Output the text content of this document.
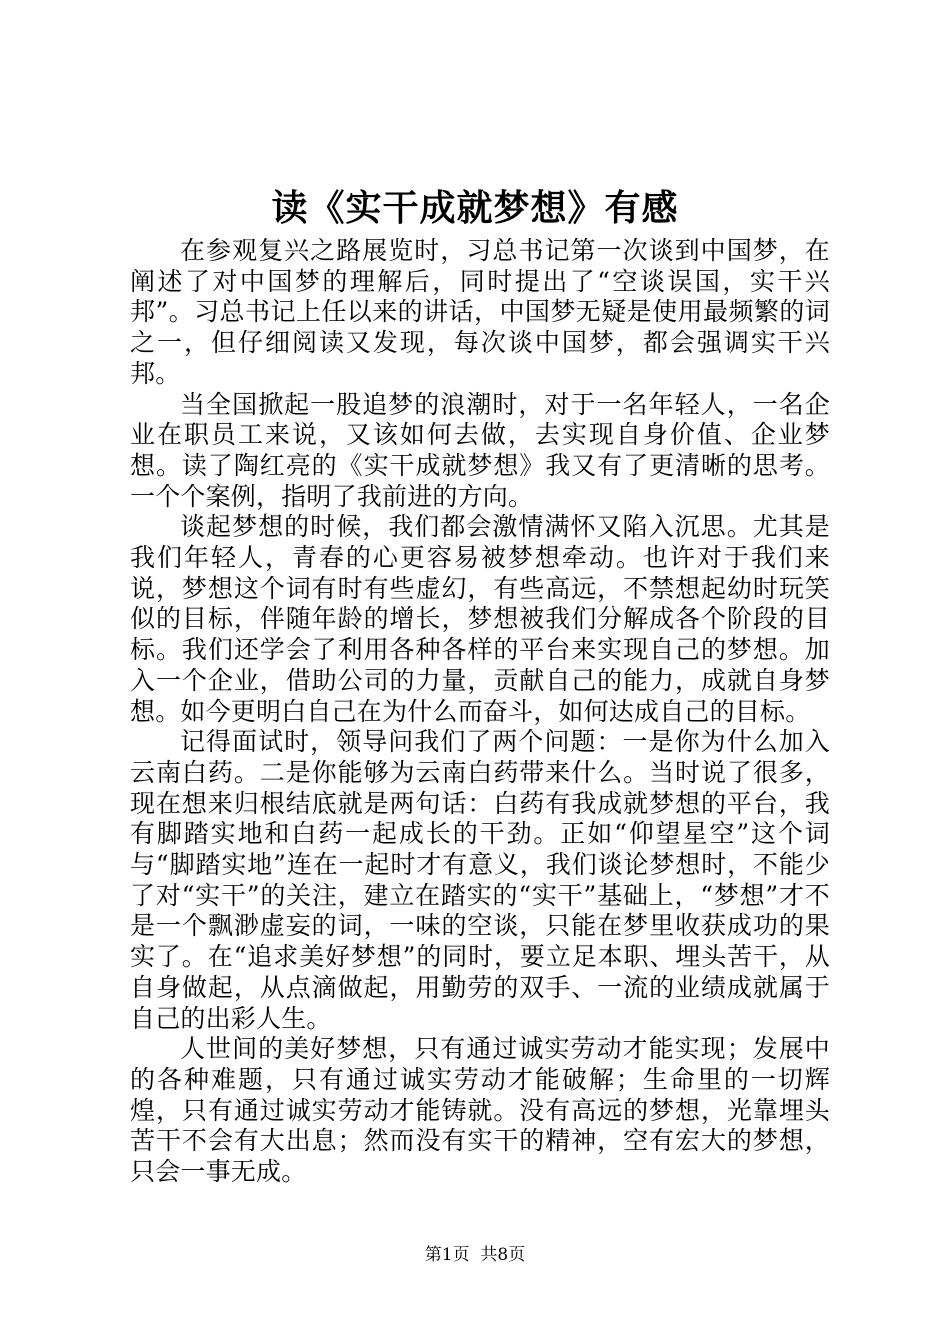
读《实干成就梦想》有感

在参观复兴之路展览时，习总书记第一次谈到中国梦，在阐述了对中国梦的理解后，同时提出了“空谈误国，实干兴邦”。习总书记上任以来的讲话，中国梦无疑是使用最频繁的词之一，但仔细阅读又发现，每次谈中国梦，都会强调实干兴邦。

当全国掀起一股追梦的浪潮时，对于一名年轻人，一名企业在职员工来说，又该如何去做，去实现自身价值、企业梦想。读了陶红亮的《实干成就梦想》我又有了更清晰的思考。一个个案例，指明了我前进的方向。

谈起梦想的时候，我们都会激情满怀又陷入沉思。尤其是我们年轻人，青春的心更容易被梦想牵动。也许对于我们来说，梦想这个词有时有些虚幻，有些高远，不禁想起幼时玩笑似的目标，伴随年龄的增长，梦想被我们分解成各个阶段的目标。我们还学会了利用各种各样的平台来实现自己的梦想。加入一个企业，借助公司的力量，贡献自己的能力，成就自身梦想。如今更明白自己在为什么而奋斗，如何达成自己的目标。

记得面试时，领导问我们了两个问题：一是你为什么加入云南白药。二是你能够为云南白药带来什么。当时说了很多，现在想来归根结底就是两句话：白药有我成就梦想的平台，我有脚踏实地和白药一起成长的干劲。正如“仰望星空”这个词与“脚踏实地”连在一起时才有意义，我们谈论梦想时，不能少了对“实干”的关注，建立在踏实的“实干”基础上，“梦想”才不是一个飘渺虚妄的词，一味的空谈，只能在梦里收获成功的果实了。在“追求美好梦想”的同时，要立足本职、埋头苦干，从自身做起，从点滴做起，用勤劳的双手、一流的业绩成就属于自己的出彩人生。

人世间的美好梦想，只有通过诚实劳动才能实现；发展中的各种难题，只有通过诚实劳动才能破解；生命里的一切辉煌，只有通过诚实劳动才能铸就。没有高远的梦想，光靠埋头苦干不会有大出息；然而没有实干的精神，空有宏大的梦想，只会一事无成。

第1页  共8页
